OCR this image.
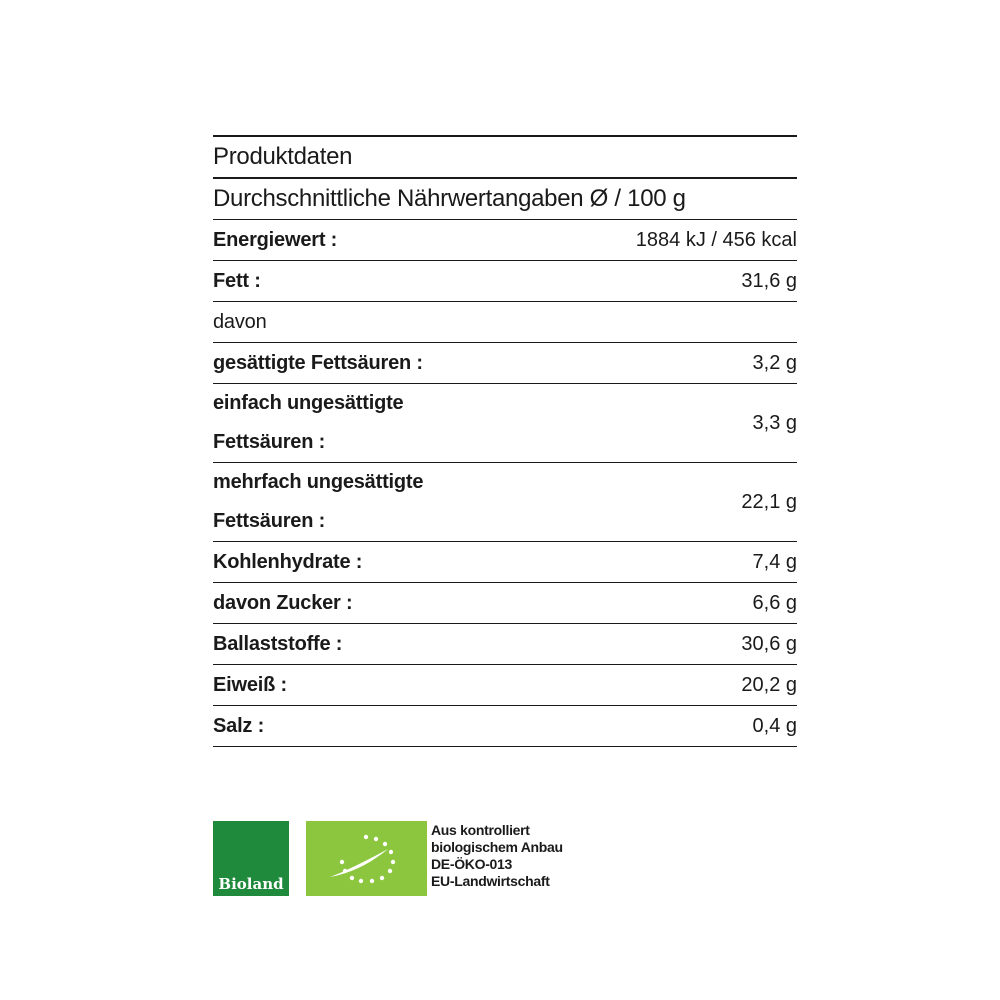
Produktdaten
Durchschnittliche Nährwertangaben Ø / 100 g
Energiewert :	1884 kJ / 456 kcal
Fett :	31,6 g
davon	
gesättigte Fettsäuren :	3,2 g
einfach ungesättigte Fettsäuren :	3,3 g
mehrfach ungesättigte Fettsäuren :	22,1 g
Kohlenhydrate :	7,4 g
davon Zucker :	6,6 g
Ballaststoffe :	30,6 g
Eiweiß :	20,2 g
Salz :	0,4 g
Bioland
Aus kontrolliert
biologischem Anbau
DE-ÖKO-013
EU-Landwirtschaft
